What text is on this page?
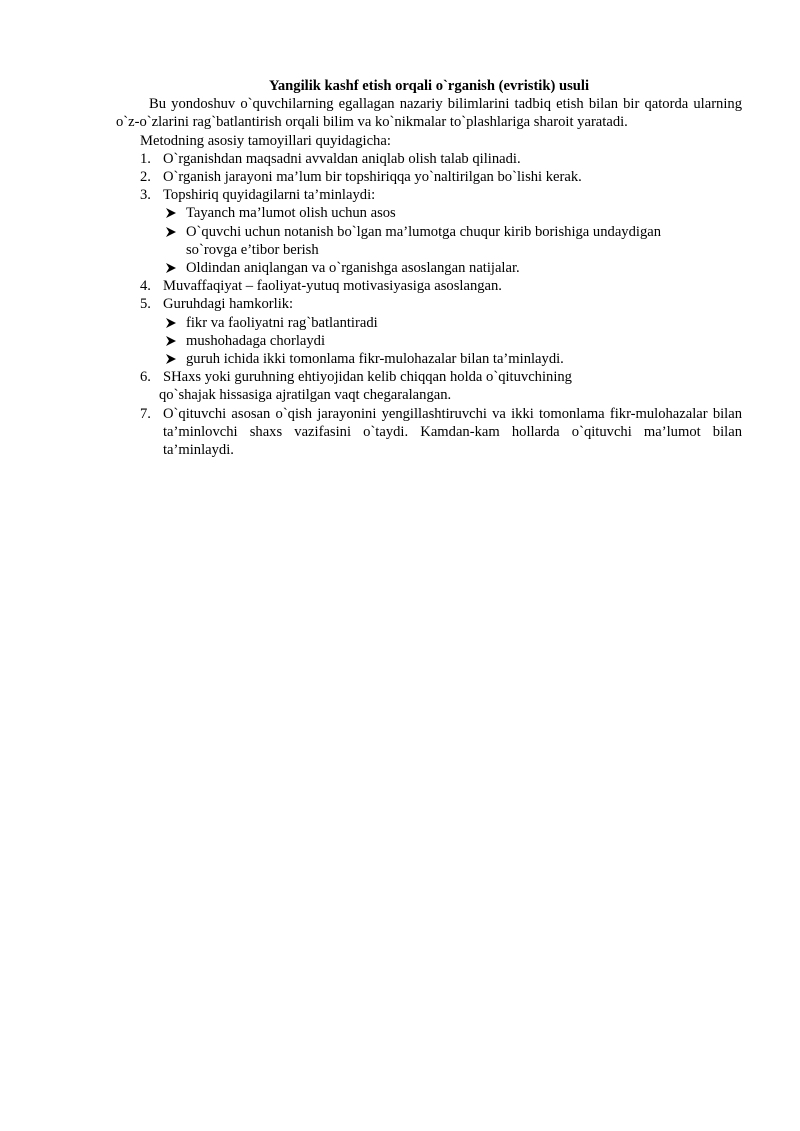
Yangilik kashf etish orqali o`rganish (evristik) usuli

Bu yondoshuv o`quvchilarning egallagan nazariy bilimlarini tadbiq etish bilan bir qatorda ularning o`z-o`zlarini rag`batlantirish orqali bilim va ko`nikmalar to`plashlariga sharoit yaratadi.

Metodning asosiy tamoyillari quyidagicha:

1. O`rganishdan maqsadni avvaldan aniqlab olish talab qilinadi.
2. O`rganish jarayoni ma’lum bir topshiriqqa yo`naltirilgan bo`lishi kerak.
3. Topshiriq quyidagilarni ta’minlaydi:
Tayanch ma’lumot olish uchun asos
O`quvchi uchun notanish bo`lgan ma’lumotga chuqur kirib borishiga undaydigan so`rovga e’tibor berish
Oldindan aniqlangan va o`rganishga asoslangan natijalar.
4. Muvaffaqiyat – faoliyat-yutuq motivasiyasiga asoslangan.
5. Guruhdagi hamkorlik:
fikr va faoliyatni rag`batlantiradi
mushohadaga chorlaydi
guruh ichida ikki tomonlama fikr-mulohazalar bilan ta’minlaydi.
6. SHaxs yoki guruhning ehtiyojidan kelib chiqqan holda o`qituvchining
qo`shajak hissasiga ajratilgan vaqt chegaralangan.
7. O`qituvchi asosan o`qish jarayonini yengillashtiruvchi va ikki tomonlama fikr-mulohazalar bilan ta’minlovchi shaxs vazifasini o`taydi. Kamdan-kam hollarda o`qituvchi ma’lumot bilan ta’minlaydi.
